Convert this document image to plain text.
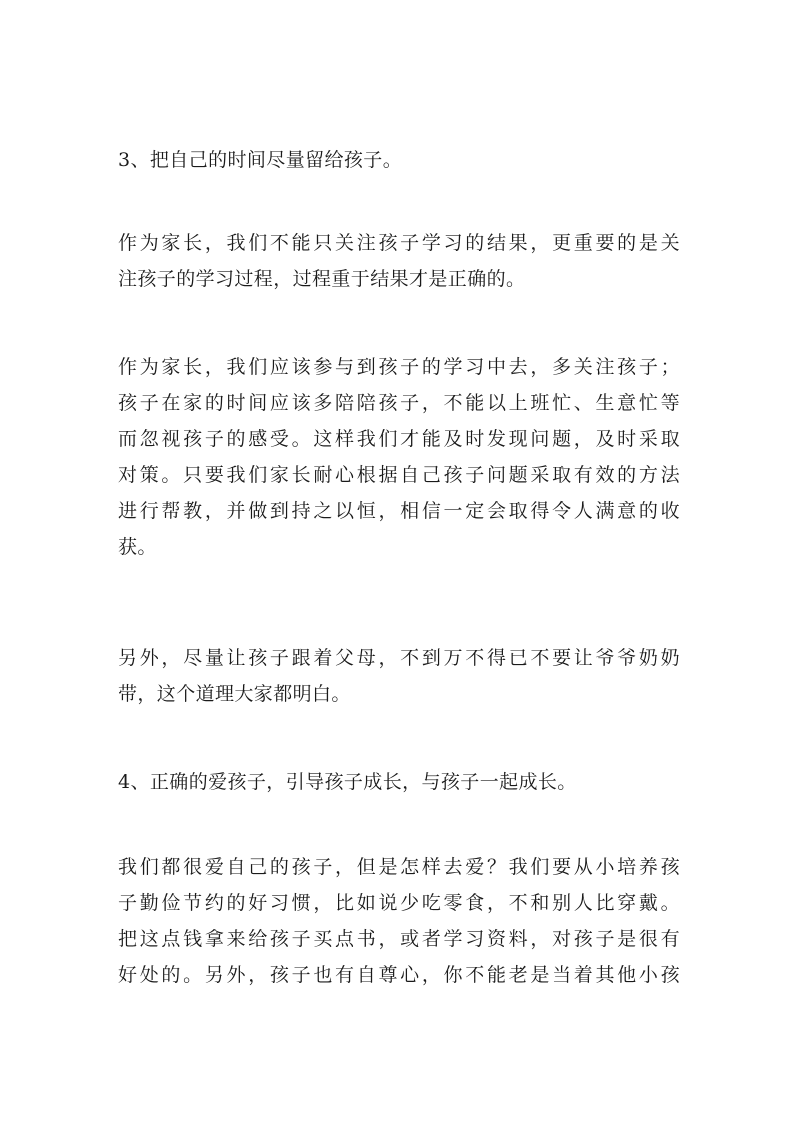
3、把自己的时间尽量留给孩子。
作为家长，我们不能只关注孩子学习的结果，更重要的是关
注孩子的学习过程，过程重于结果才是正确的。
作为家长，我们应该参与到孩子的学习中去，多关注孩子；
孩子在家的时间应该多陪陪孩子，不能以上班忙、生意忙等
而忽视孩子的感受。这样我们才能及时发现问题，及时采取
对策。只要我们家长耐心根据自己孩子问题采取有效的方法
进行帮教，并做到持之以恒，相信一定会取得令人满意的收
获。
另外，尽量让孩子跟着父母，不到万不得已不要让爷爷奶奶
带，这个道理大家都明白。
4、正确的爱孩子，引导孩子成长，与孩子一起成长。
我们都很爱自己的孩子，但是怎样去爱？我们要从小培养孩
子勤俭节约的好习惯，比如说少吃零食，不和别人比穿戴。
把这点钱拿来给孩子买点书，或者学习资料，对孩子是很有
好处的。另外，孩子也有自尊心，你不能老是当着其他小孩
